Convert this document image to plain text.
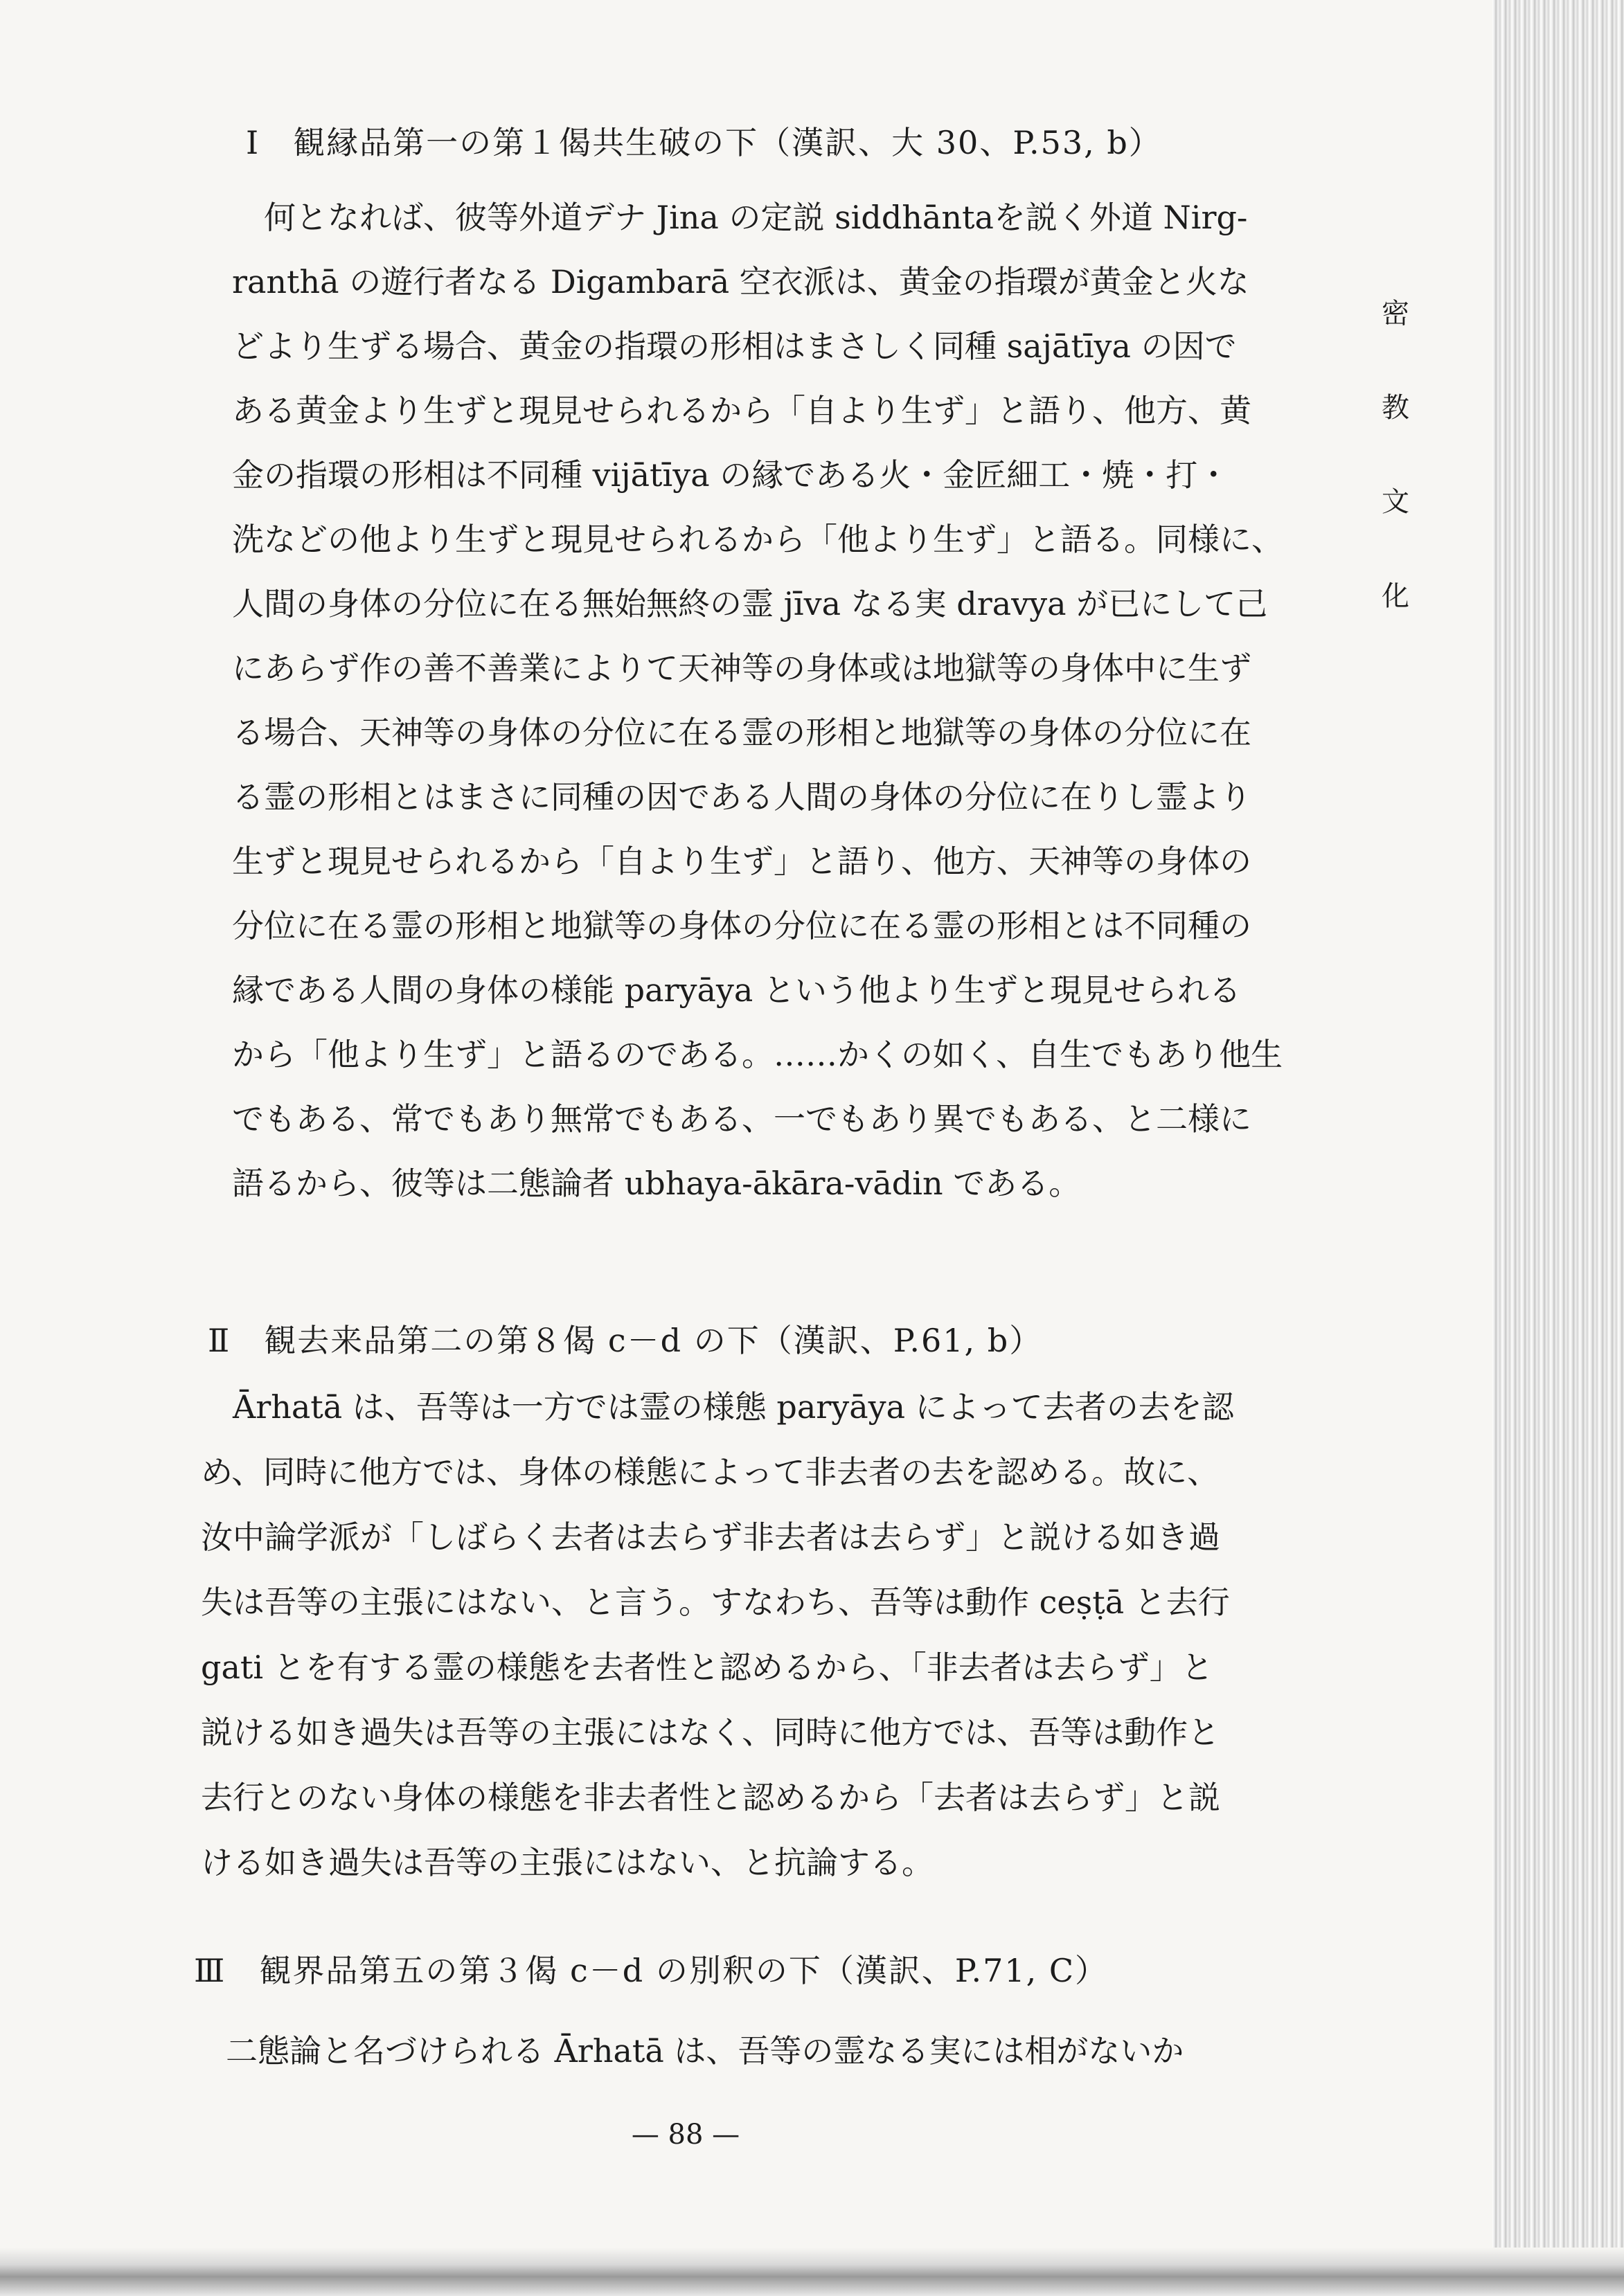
密
教
文
化
Ⅰ　観縁品第一の第１偈共生破の下（漢訳、大 30、P.53, b）
　何となれば、彼等外道デナ Jina の定説 siddhāntaを説く外道 Nirg-
ranthā の遊行者なる Digambarā 空衣派は、黄金の指環が黄金と火な
どより生ずる場合、黄金の指環の形相はまさしく同種 sajātīya の因で
ある黄金より生ずと現見せられるから「自より生ず」と語り、他方、黄
金の指環の形相は不同種 vijātīya の縁である火・金匠細工・焼・打・
洗などの他より生ずと現見せられるから「他より生ず」と語る。同様に、
人間の身体の分位に在る無始無終の霊 jīva なる実 dravya が已にして己
にあらず作の善不善業によりて天神等の身体或は地獄等の身体中に生ず
る場合、天神等の身体の分位に在る霊の形相と地獄等の身体の分位に在
る霊の形相とはまさに同種の因である人間の身体の分位に在りし霊より
生ずと現見せられるから「自より生ず」と語り、他方、天神等の身体の
分位に在る霊の形相と地獄等の身体の分位に在る霊の形相とは不同種の
縁である人間の身体の様能 paryāya という他より生ずと現見せられる
から「他より生ず」と語るのである。……かくの如く、自生でもあり他生
でもある、常でもあり無常でもある、一でもあり異でもある、と二様に
語るから、彼等は二態論者 ubhaya-ākāra-vādin である。
Ⅱ　観去来品第二の第８偈 c－d の下（漢訳、P.61, b）
　Ārhatā は、吾等は一方では霊の様態 paryāya によって去者の去を認
め、同時に他方では、身体の様態によって非去者の去を認める。故に、
汝中論学派が「しばらく去者は去らず非去者は去らず」と説ける如き過
失は吾等の主張にはない、と言う。すなわち、吾等は動作 ceṣṭā と去行
gati とを有する霊の様態を去者性と認めるから、「非去者は去らず」と
説ける如き過失は吾等の主張にはなく、同時に他方では、吾等は動作と
去行とのない身体の様態を非去者性と認めるから「去者は去らず」と説
ける如き過失は吾等の主張にはない、と抗論する。
Ⅲ　観界品第五の第３偈 c－d の別釈の下（漢訳、P.71, C）
　二態論と名づけられる Ārhatā は、吾等の霊なる実には相がないか
— 88 —
